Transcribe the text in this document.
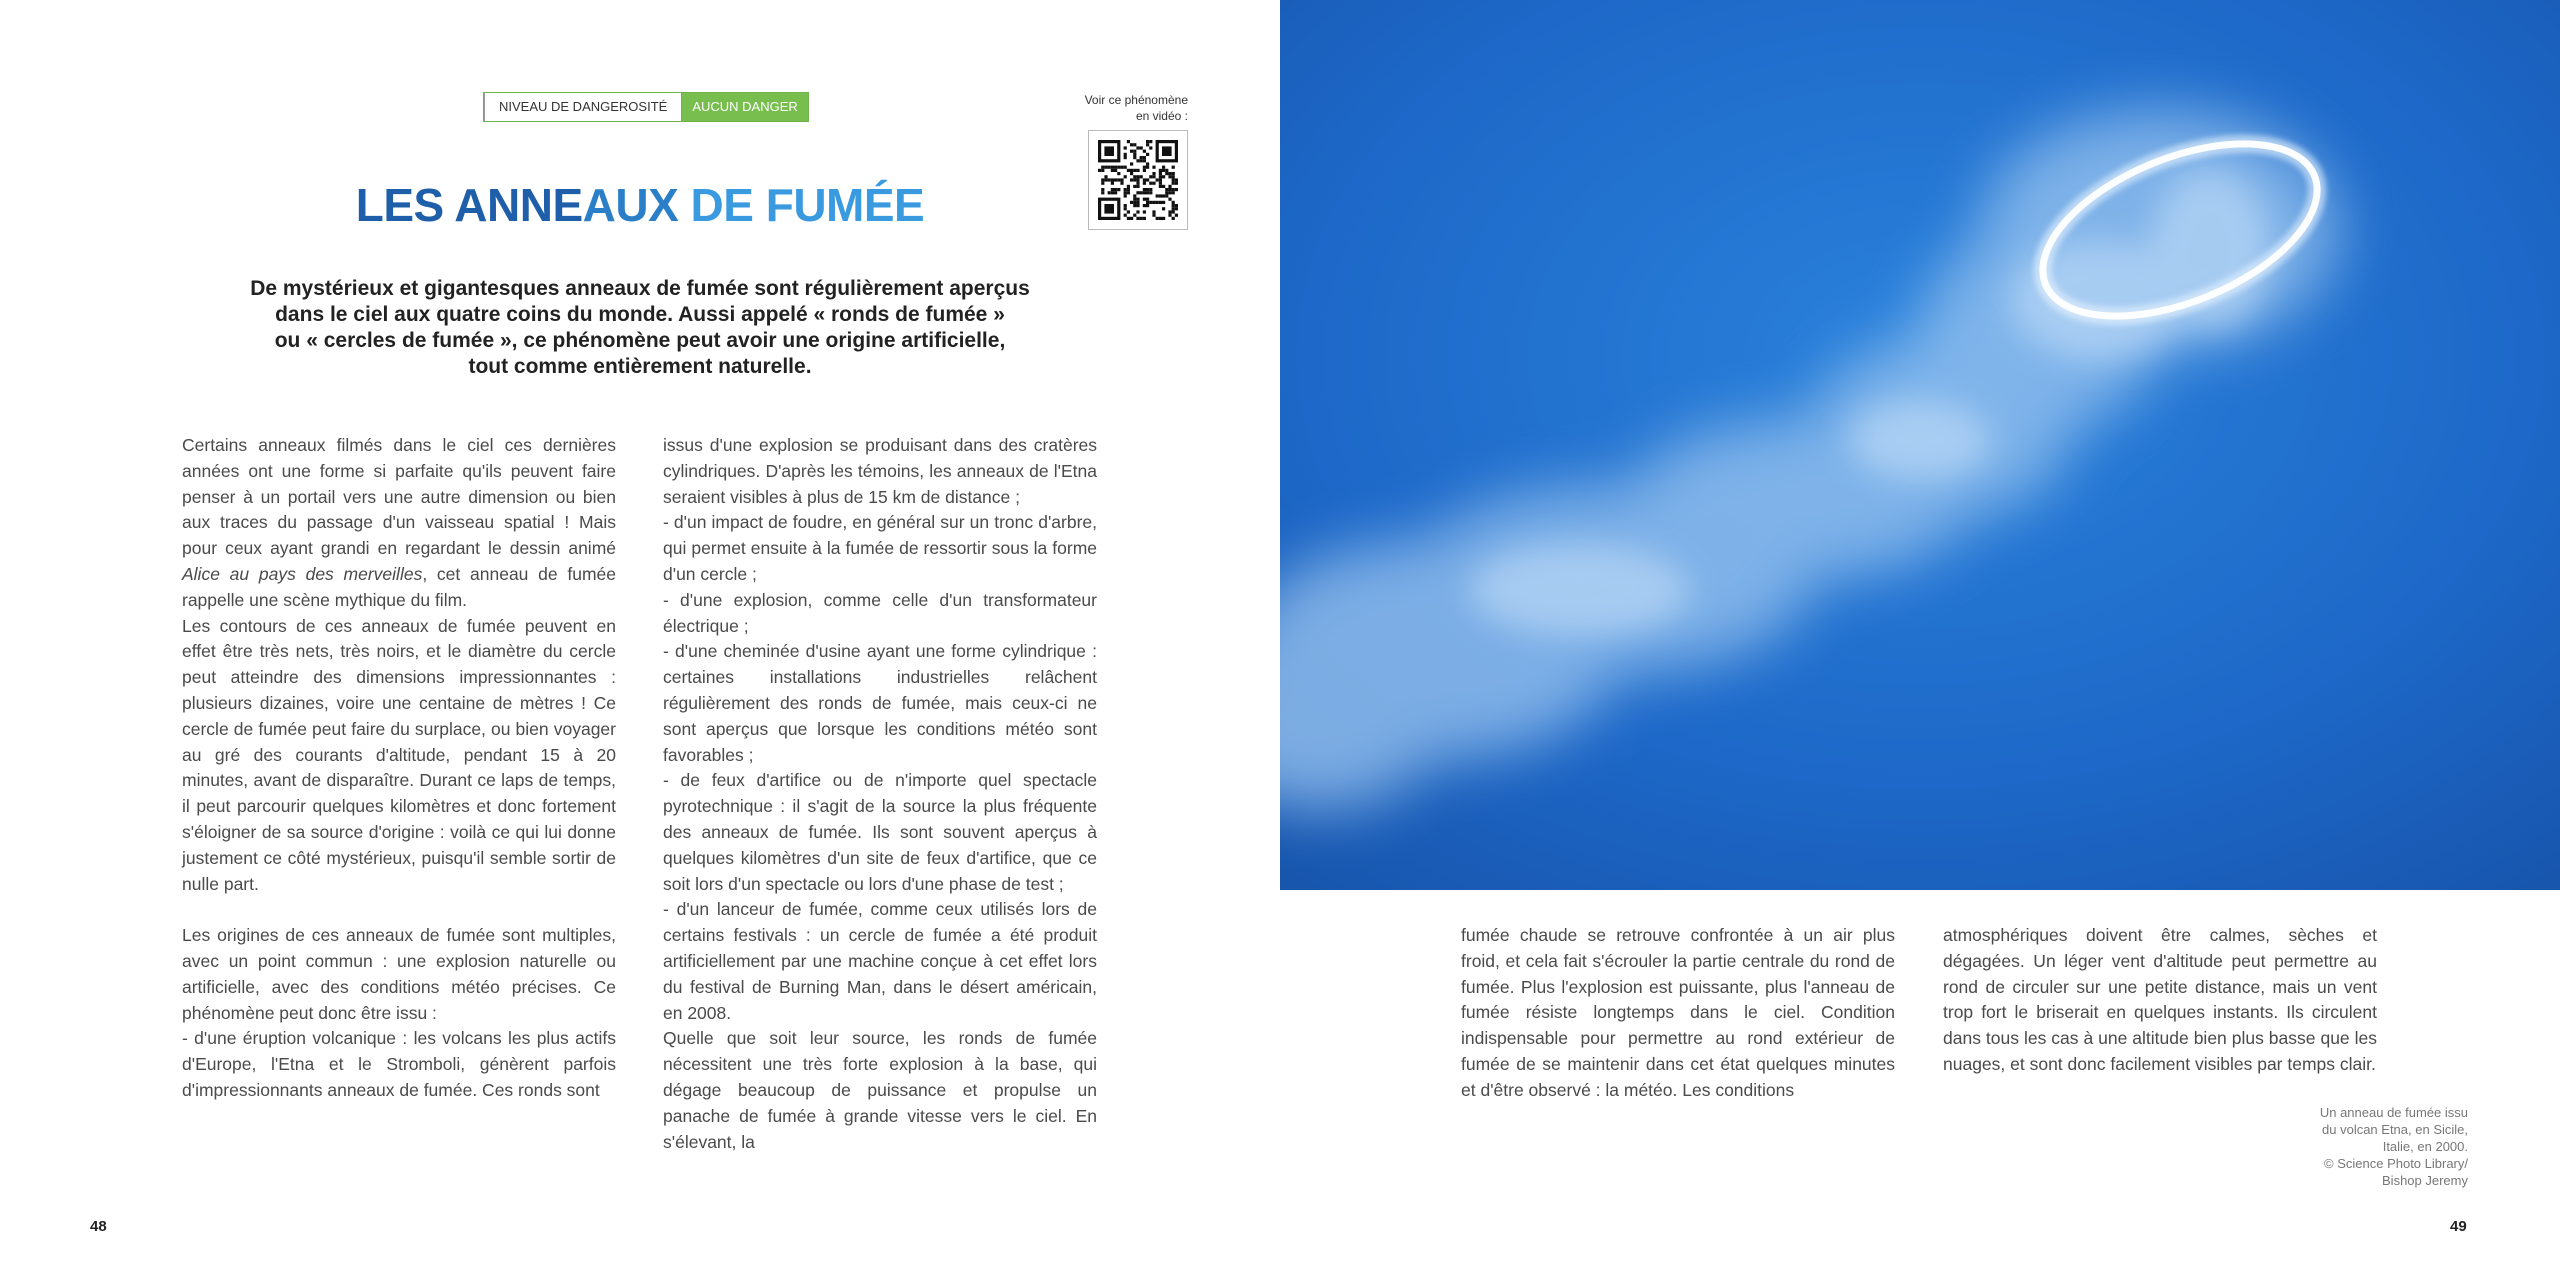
NIVEAU DE DANGEROSITÉ	AUCUN DANGER	Voir ce phénomène
en vidéo :
LES ANNEAUX DE FUMÉE
De mystérieux et gigantesques anneaux de fumée sont régulièrement aperçus
dans le ciel aux quatre coins du monde. Aussi appelé « ronds de fumée »
ou « cercles de fumée », ce phénomène peut avoir une origine artificielle,
tout comme entièrement naturelle.

Certains anneaux filmés dans le ciel ces dernières années ont une forme si parfaite qu'ils peuvent faire penser à un portail vers une autre dimension ou bien aux traces du passage d'un vaisseau spatial ! Mais pour ceux ayant grandi en regardant le dessin animé Alice au pays des merveilles, cet anneau de fumée rappelle une scène mythique du film.

Les contours de ces anneaux de fumée peuvent en effet être très nets, très noirs, et le diamètre du cercle peut atteindre des dimensions impressionnantes : plusieurs dizaines, voire une centaine de mètres ! Ce cercle de fumée peut faire du surplace, ou bien voyager au gré des courants d'altitude, pendant 15 à 20 minutes, avant de disparaître. Durant ce laps de temps, il peut parcourir quelques kilomètres et donc fortement s'éloigner de sa source d'origine : voilà ce qui lui donne justement ce côté mystérieux, puisqu'il semble sortir de nulle part.

Les origines de ces anneaux de fumée sont multiples, avec un point commun : une explosion naturelle ou artificielle, avec des conditions météo précises. Ce phénomène peut donc être issu :

- d'une éruption volcanique : les volcans les plus actifs d'Europe, l'Etna et le Stromboli, génèrent parfois d'impressionnants anneaux de fumée. Ces ronds sont

issus d'une explosion se produisant dans des cratères cylindriques. D'après les témoins, les anneaux de l'Etna seraient visibles à plus de 15 km de distance ;

- d'un impact de foudre, en général sur un tronc d'arbre, qui permet ensuite à la fumée de ressortir sous la forme d'un cercle ;

- d'une explosion, comme celle d'un transformateur électrique ;

- d'une cheminée d'usine ayant une forme cylindrique : certaines installations industrielles relâchent régulièrement des ronds de fumée, mais ceux-ci ne sont aperçus que lorsque les conditions météo sont favorables ;

- de feux d'artifice ou de n'importe quel spectacle pyrotechnique : il s'agit de la source la plus fréquente des anneaux de fumée. Ils sont souvent aperçus à quelques kilomètres d'un site de feux d'artifice, que ce soit lors d'un spectacle ou lors d'une phase de test ;

- d'un lanceur de fumée, comme ceux utilisés lors de certains festivals : un cercle de fumée a été produit artificiellement par une machine conçue à cet effet lors du festival de Burning Man, dans le désert américain, en 2008.

Quelle que soit leur source, les ronds de fumée nécessitent une très forte explosion à la base, qui dégage beaucoup de puissance et propulse un panache de fumée à grande vitesse vers le ciel. En s'élevant, la

48

fumée chaude se retrouve confrontée à un air plus froid, et cela fait s'écrouler la partie centrale du rond de fumée. Plus l'explosion est puissante, plus l'anneau de fumée résiste longtemps dans le ciel. Condition indispensable pour permettre au rond extérieur de fumée de se maintenir dans cet état quelques minutes et d'être observé : la météo. Les conditions

atmosphériques doivent être calmes, sèches et dégagées. Un léger vent d'altitude peut permettre au rond de circuler sur une petite distance, mais un vent trop fort le briserait en quelques instants. Ils circulent dans tous les cas à une altitude bien plus basse que les nuages, et sont donc facilement visibles par temps clair.

Un anneau de fumée issu
du volcan Etna, en Sicile,
Italie, en 2000.
© Science Photo Library/
Bishop Jeremy
49
